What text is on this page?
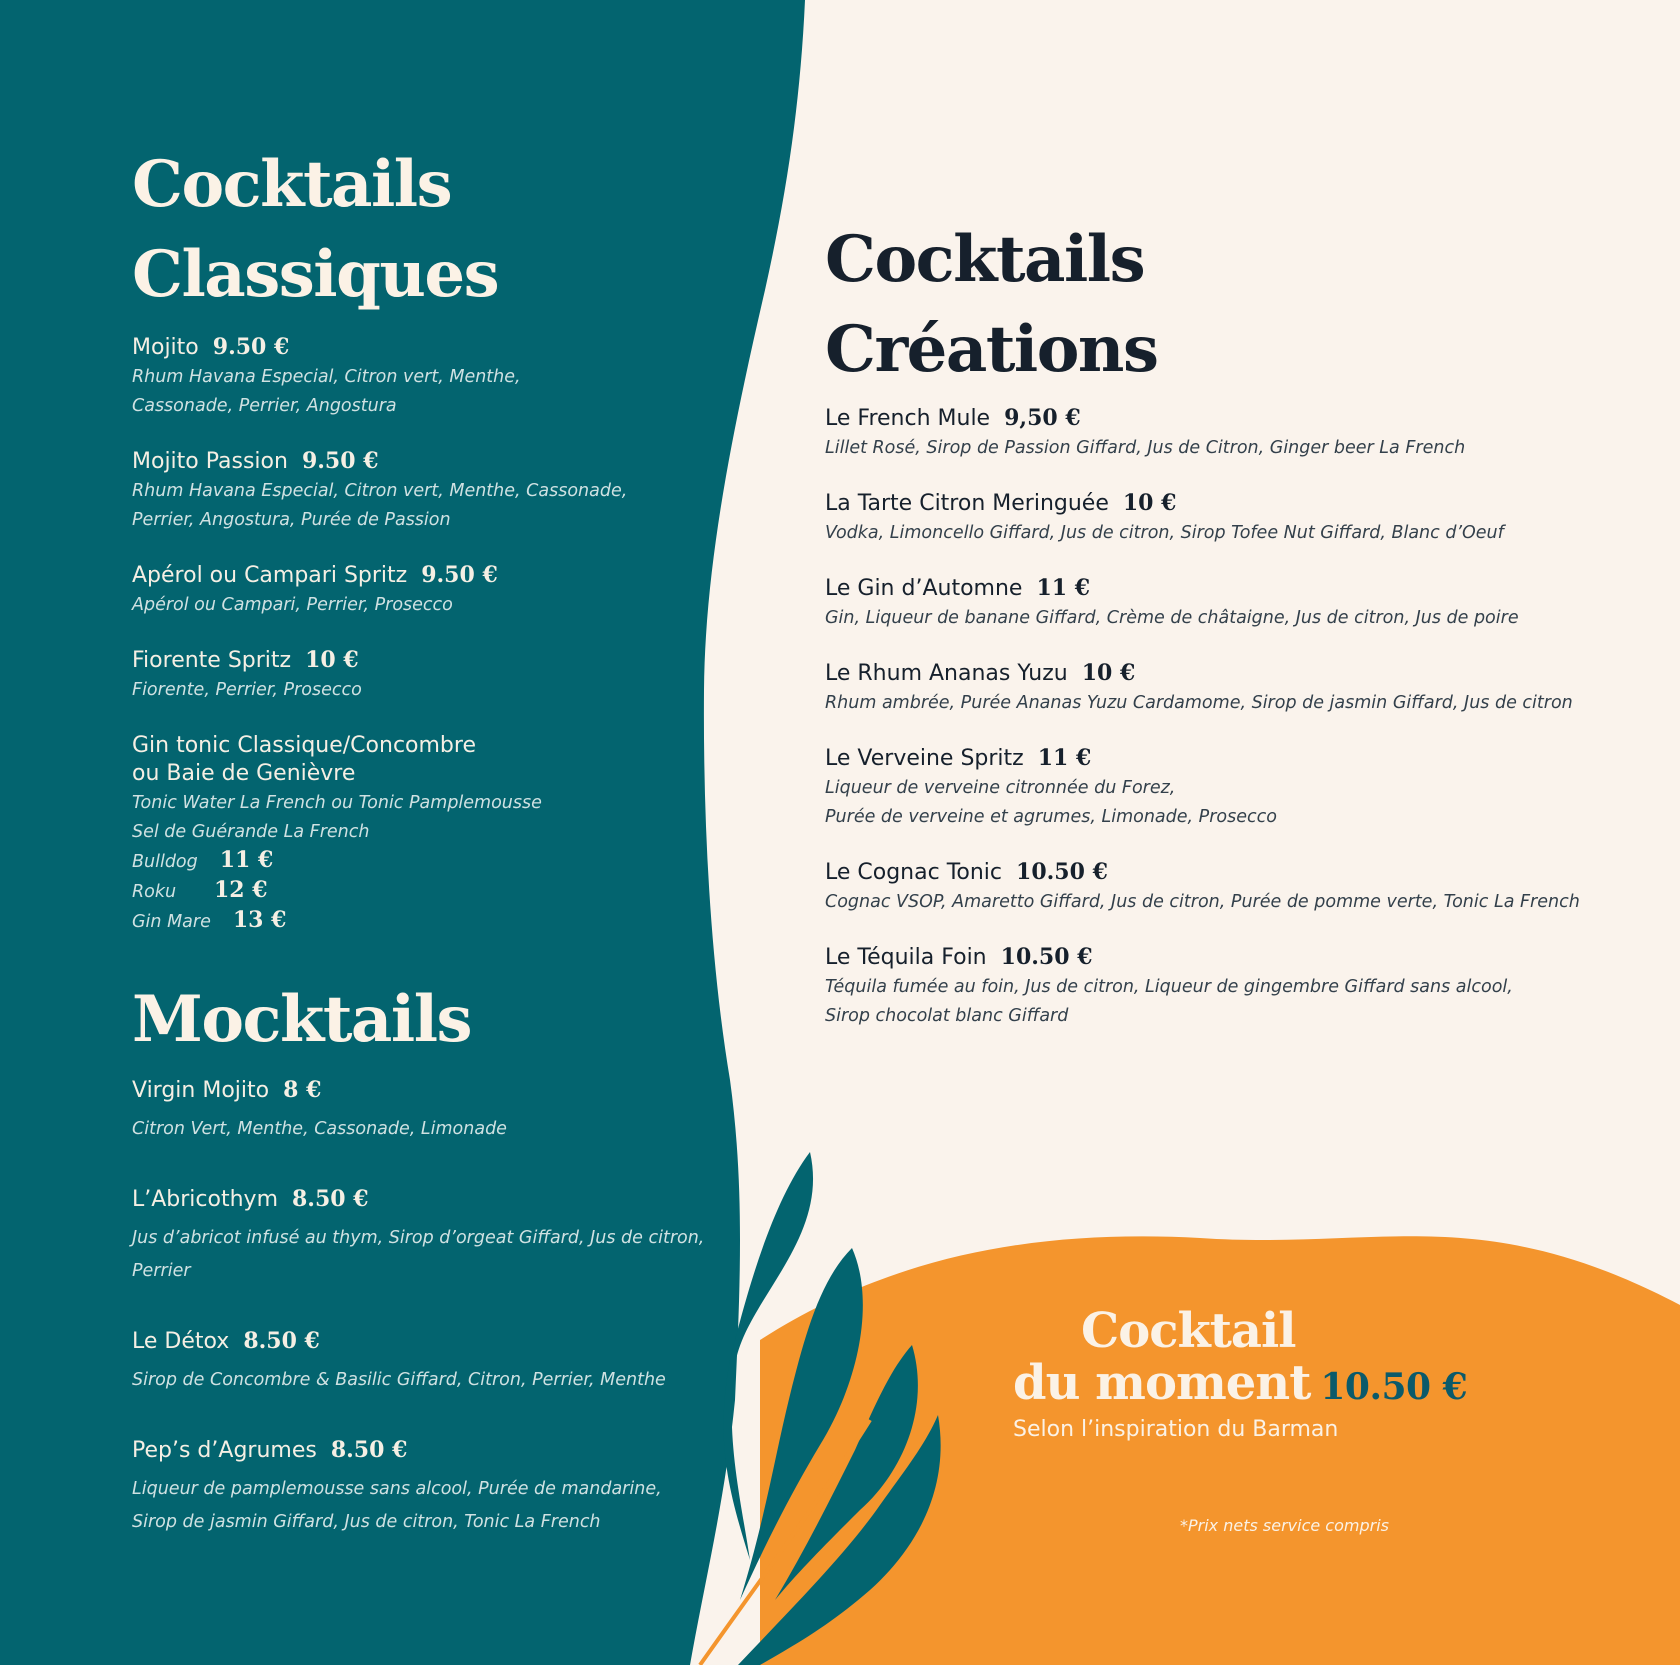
Cocktails
Classiques
Mojito 9.50 €
Rhum Havana Especial, Citron vert, Menthe,
Cassonade, Perrier, Angostura
Mojito Passion 9.50 €
Rhum Havana Especial, Citron vert, Menthe, Cassonade,
Perrier, Angostura, Purée de Passion
Apérol ou Campari Spritz 9.50 €
Apérol ou Campari, Perrier, Prosecco
Fiorente Spritz 10 €
Fiorente, Perrier, Prosecco
Gin tonic Classique/Concombre
ou Baie de Genièvre
Tonic Water La French ou Tonic Pamplemousse
Sel de Guérande La French
Bulldog 11 €
Roku 12 €
Gin Mare 13 €
Mocktails
Virgin Mojito 8 €
Citron Vert, Menthe, Cassonade, Limonade
L’Abricothym 8.50 €
Jus d’abricot infusé au thym, Sirop d’orgeat Giffard, Jus de citron,
Perrier
Le Détox 8.50 €
Sirop de Concombre & Basilic Giffard, Citron, Perrier, Menthe
Pep’s d’Agrumes 8.50 €
Liqueur de pamplemousse sans alcool, Purée de mandarine,
Sirop de jasmin Giffard, Jus de citron, Tonic La French
Cocktails
Créations
Le French Mule 9,50 €
Lillet Rosé, Sirop de Passion Giffard, Jus de Citron, Ginger beer La French
La Tarte Citron Meringuée 10 €
Vodka, Limoncello Giffard, Jus de citron, Sirop Tofee Nut Giffard, Blanc d’Oeuf
Le Gin d’Automne 11 €
Gin, Liqueur de banane Giffard, Crème de châtaigne, Jus de citron, Jus de poire
Le Rhum Ananas Yuzu 10 €
Rhum ambrée, Purée Ananas Yuzu Cardamome, Sirop de jasmin Giffard, Jus de citron
Le Verveine Spritz 11 €
Liqueur de verveine citronnée du Forez,
Purée de verveine et agrumes, Limonade, Prosecco
Le Cognac Tonic 10.50 €
Cognac VSOP, Amaretto Giffard, Jus de citron, Purée de pomme verte, Tonic La French
Le Téquila Foin 10.50 €
Téquila fumée au foin, Jus de citron, Liqueur de gingembre Giffard sans alcool,
Sirop chocolat blanc Giffard
Cocktail
du moment 10.50 €
Selon l’inspiration du Barman
*Prix nets service compris
